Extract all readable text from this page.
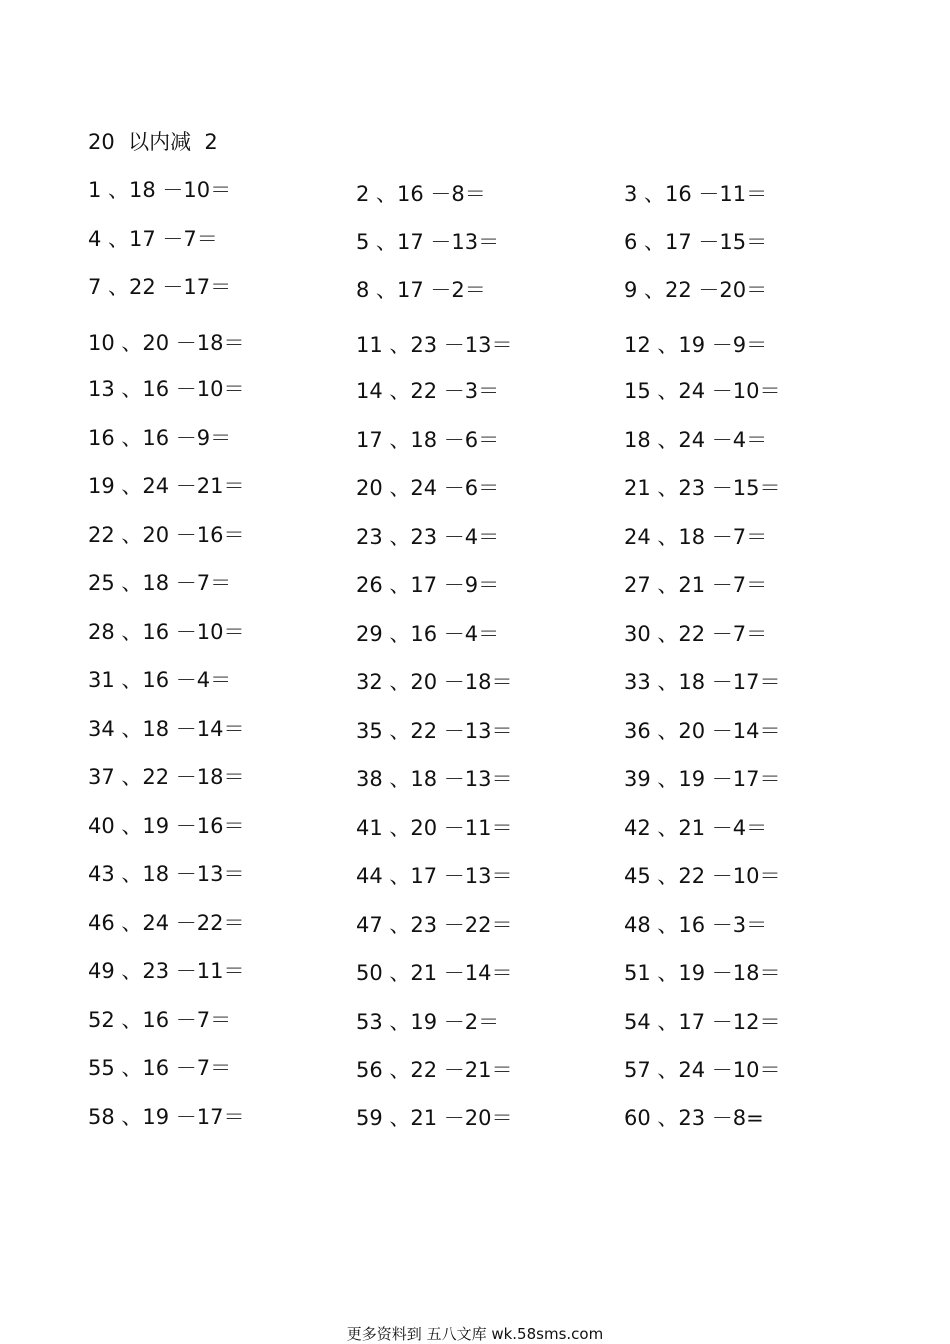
20  以内减  2
1 、18 －10＝	2 、16 －8＝	3 、16 －11＝
4 、17 －7＝	5 、17 －13＝	6 、17 －15＝
7 、22 －17＝	8 、17 －2＝	9 、22 －20＝
10 、20 －18＝	11 、23 －13＝	12 、19 －9＝
13 、16 －10＝	14 、22 －3＝	15 、24 －10＝
16 、16 －9＝	17 、18 －6＝	18 、24 －4＝
19 、24 －21＝	20 、24 －6＝	21 、23 －15＝
22 、20 －16＝	23 、23 －4＝	24 、18 －7＝
25 、18 －7＝	26 、17 －9＝	27 、21 －7＝
28 、16 －10＝	29 、16 －4＝	30 、22 －7＝
31 、16 －4＝	32 、20 －18＝	33 、18 －17＝
34 、18 －14＝	35 、22 －13＝	36 、20 －14＝
37 、22 －18＝	38 、18 －13＝	39 、19 －17＝
40 、19 －16＝	41 、20 －11＝	42 、21 －4＝
43 、18 －13＝	44 、17 －13＝	45 、22 －10＝
46 、24 －22＝	47 、23 －22＝	48 、16 －3＝
49 、23 －11＝	50 、21 －14＝	51 、19 －18＝
52 、16 －7＝	53 、19 －2＝	54 、17 －12＝
55 、16 －7＝	56 、22 －21＝	57 、24 －10＝
58 、19 －17＝	59 、21 －20＝	60 、23 －8=
更多资料到 五八文库 wk.58sms.com
